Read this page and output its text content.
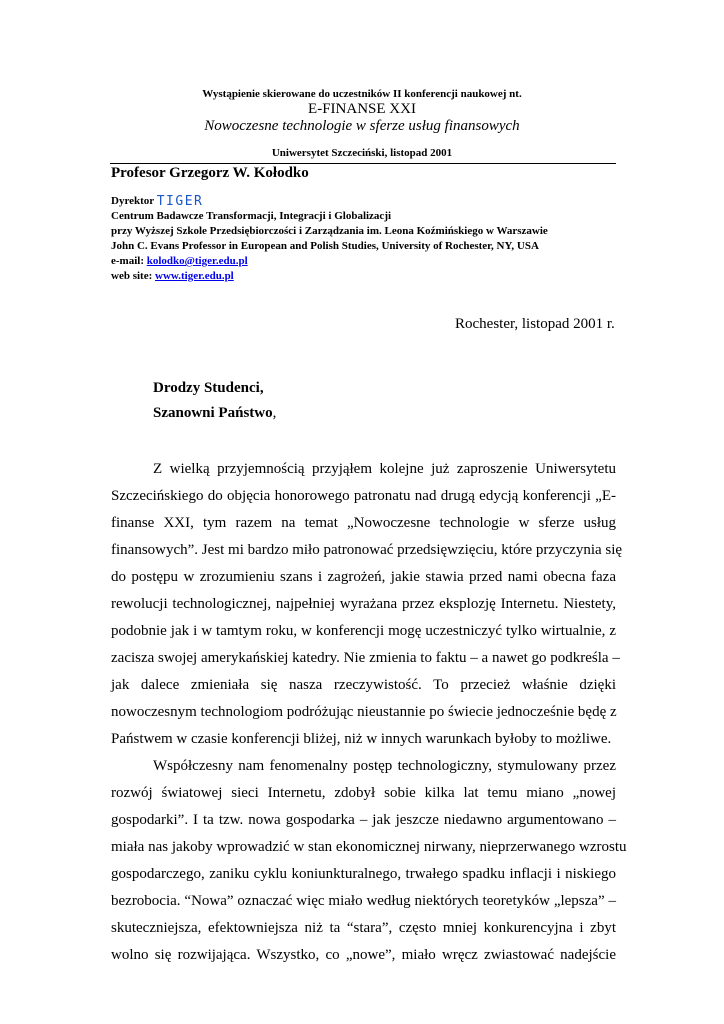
Wystąpienie skierowane do uczestników II konferencji naukowej nt.
E-FINANSE XXI
Nowoczesne technologie w sferze usług finansowych
Uniwersytet Szczeciński, listopad 2001
Profesor Grzegorz W. Kołodko
Dyrektor TIGER
Centrum Badawcze Transformacji, Integracji i Globalizacji
przy Wyższej Szkole Przedsiębiorczości i Zarządzania im. Leona Koźmińskiego w Warszawie
John C. Evans Professor in European and Polish Studies, University of Rochester, NY, USA
e-mail: kolodko@tiger.edu.pl
web site: www.tiger.edu.pl
Rochester, listopad 2001 r.
Drodzy Studenci,
Szanowni Państwo,
Z wielką przyjemnością przyjąłem kolejne już zaproszenie Uniwersytetu
Szczecińskiego do objęcia honorowego patronatu nad drugą edycją konferencji „E-
finanse XXI, tym razem na temat „Nowoczesne technologie w sferze usług
finansowych”. Jest mi bardzo miło patronować przedsięwzięciu, które przyczynia się
do postępu w zrozumieniu szans i zagrożeń, jakie stawia przed nami obecna faza
rewolucji technologicznej, najpełniej wyrażana przez eksplozję Internetu. Niestety,
podobnie jak i w tamtym roku, w konferencji mogę uczestniczyć tylko wirtualnie, z
zacisza swojej amerykańskiej katedry. Nie zmienia to faktu – a nawet go podkreśla –
jak dalece zmieniała się nasza rzeczywistość. To przecież właśnie dzięki
nowoczesnym technologiom podróżując nieustannie po świecie jednocześnie będę z
Państwem w czasie konferencji bliżej, niż w innych warunkach byłoby to możliwe.
Współczesny nam fenomenalny postęp technologiczny, stymulowany przez
rozwój światowej sieci Internetu, zdobył sobie kilka lat temu miano „nowej
gospodarki”. I ta tzw. nowa gospodarka – jak jeszcze niedawno argumentowano –
miała nas jakoby wprowadzić w stan ekonomicznej nirwany, nieprzerwanego wzrostu
gospodarczego, zaniku cyklu koniunkturalnego, trwałego spadku inflacji i niskiego
bezrobocia. “Nowa” oznaczać więc miało według niektórych teoretyków „lepsza” –
skuteczniejsza, efektowniejsza niż ta “stara”, często mniej konkurencyjna i zbyt
wolno się rozwijająca. Wszystko, co „nowe”, miało wręcz zwiastować nadejście
